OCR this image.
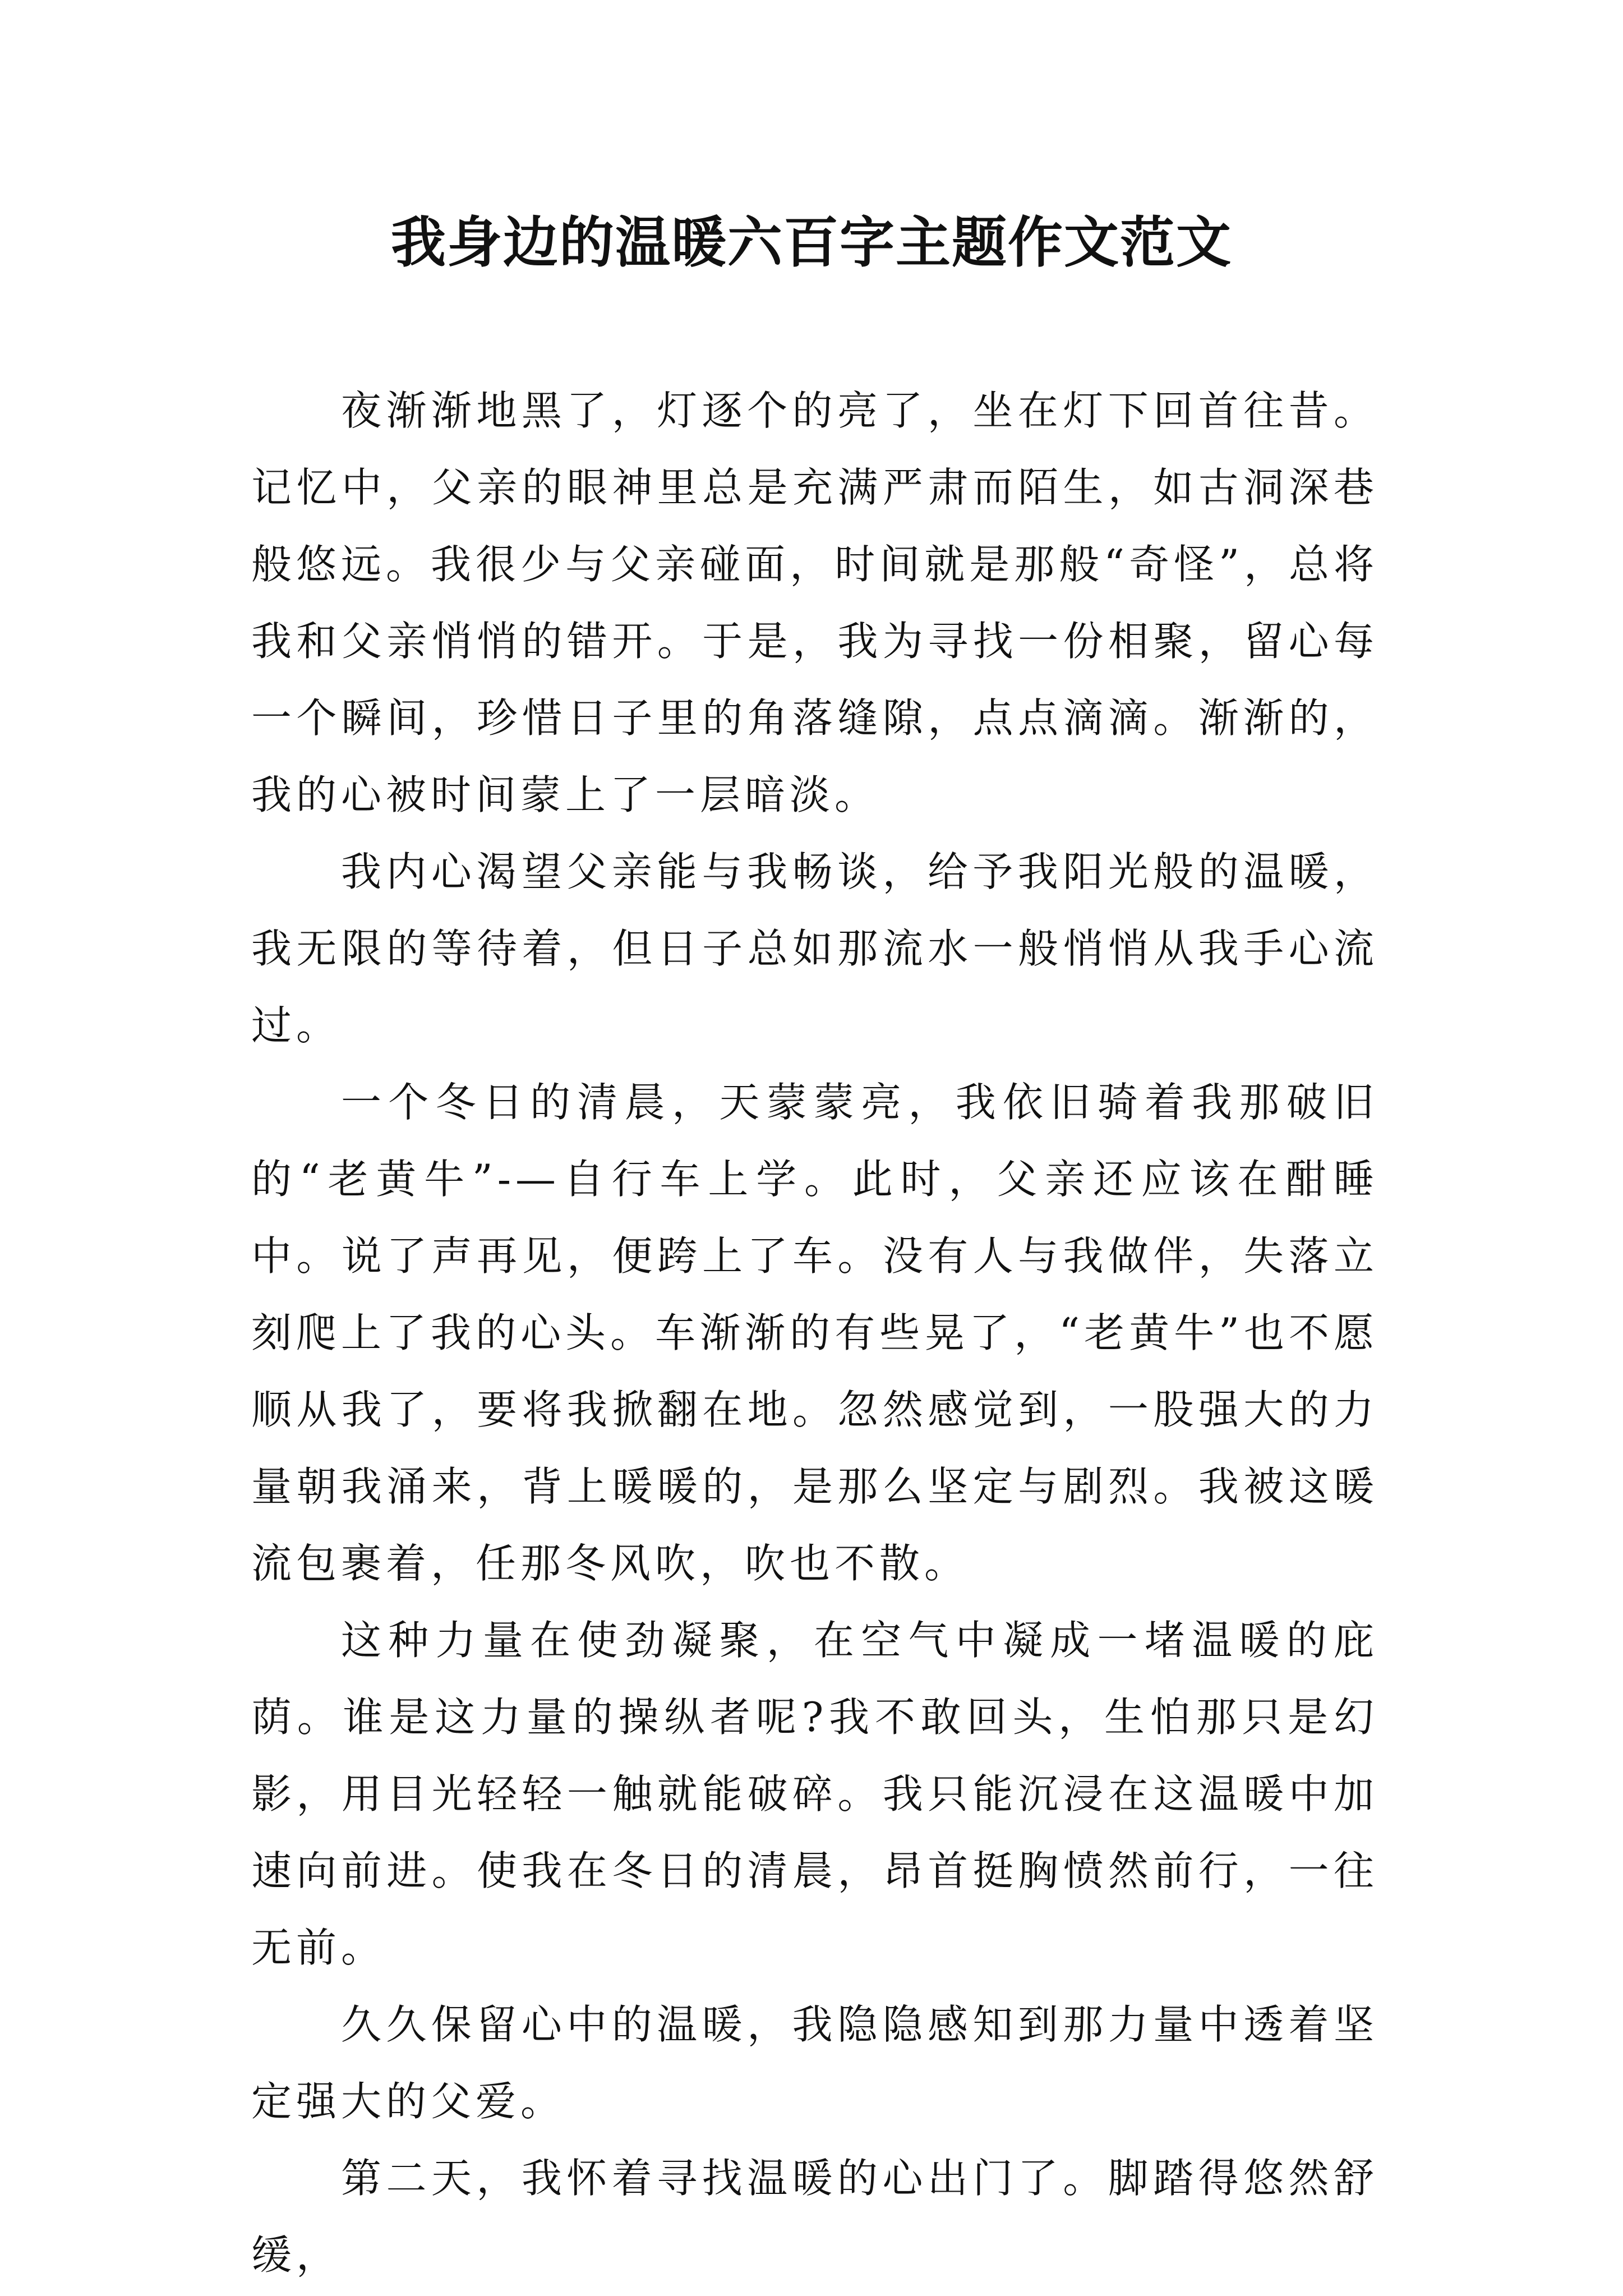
我身边的温暖六百字主题作文范文

夜渐渐地黑了，灯逐个的亮了，坐在灯下回首往昔。记忆中，父亲的眼神里总是充满严肃而陌生，如古洞深巷般悠远。我很少与父亲碰面，时间就是那般“奇怪”，总将我和父亲悄悄的错开。于是，我为寻找一份相聚，留心每一个瞬间，珍惜日子里的角落缝隙，点点滴滴。渐渐的，我的心被时间蒙上了一层暗淡。

我内心渴望父亲能与我畅谈，给予我阳光般的温暖，我无限的等待着，但日子总如那流水一般悄悄从我手心流过。

一个冬日的清晨，天蒙蒙亮，我依旧骑着我那破旧的“老黄牛”-—自行车上学。此时，父亲还应该在酣睡中。说了声再见，便跨上了车。没有人与我做伴，失落立刻爬上了我的心头。车渐渐的有些晃了，“老黄牛”也不愿顺从我了，要将我掀翻在地。忽然感觉到，一股强大的力量朝我涌来，背上暖暖的，是那么坚定与剧烈。我被这暖流包裹着，任那冬风吹，吹也不散。

这种力量在使劲凝聚，在空气中凝成一堵温暖的庇荫。谁是这力量的操纵者呢?我不敢回头，生怕那只是幻影，用目光轻轻一触就能破碎。我只能沉浸在这温暖中加速向前进。使我在冬日的清晨，昂首挺胸愤然前行，一往无前。

久久保留心中的温暖，我隐隐感知到那力量中透着坚定强大的父爱。

第二天，我怀着寻找温暖的心出门了。脚踏得悠然舒缓，
